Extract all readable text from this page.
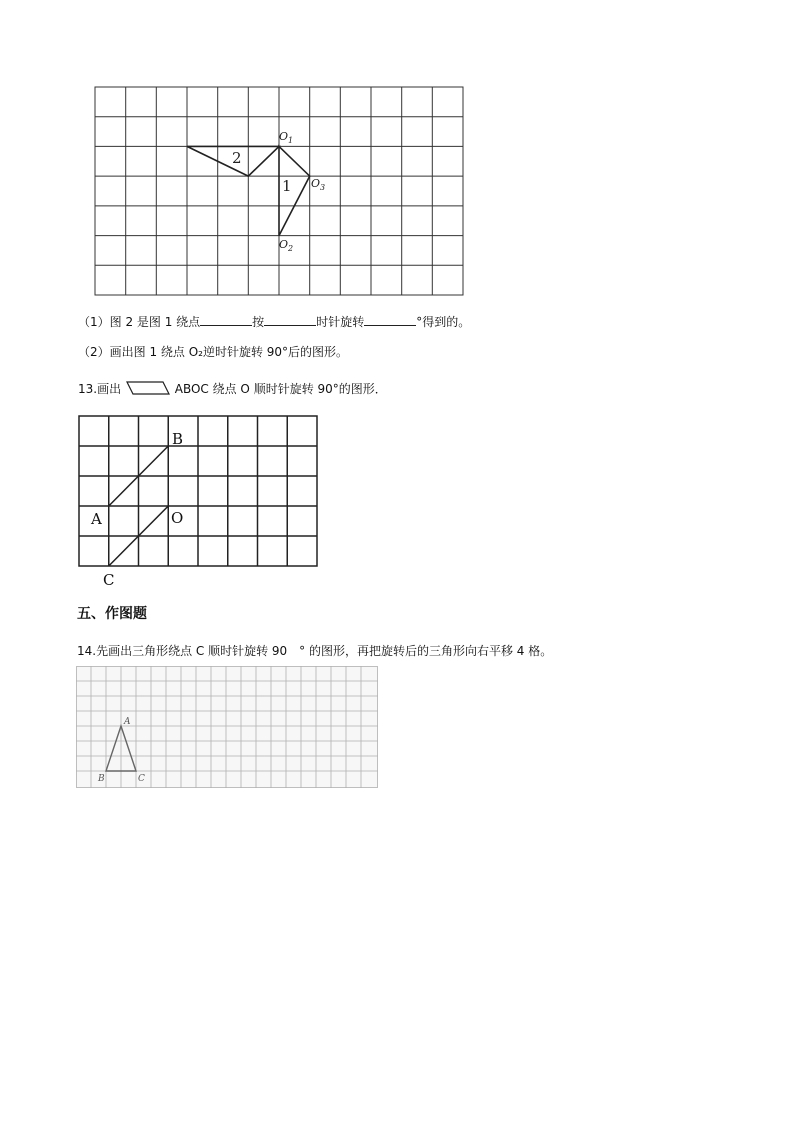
2
1
$O_1$
$O_3$
$O_2$
（1）图 2 是图 1 绕点	按	时针旋转	°得到的。
（2）画出图 1 绕点 O₂逆时针旋转 90°后的图形。
13.画出	ABOC 绕点 O 顺时针旋转 90°的图形．
B
A	O
C
五、作图题
14.先画出三角形绕点 C 顺时针旋转 90　° 的图形，再把旋转后的三角形向右平移 4 格。
A
B	C
